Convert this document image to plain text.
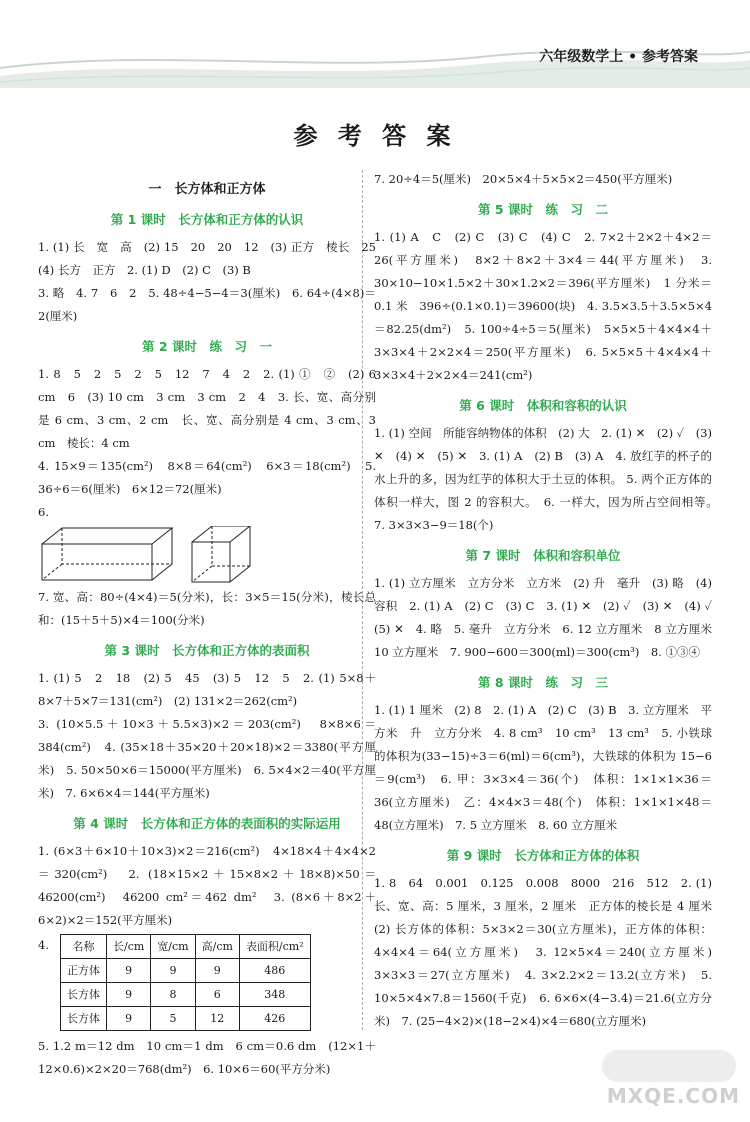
六年级数学上 • 参考答案
参 考 答 案
一　长方体和正方体
第 1 课时　长方体和正方体的认识

1. (1) 长　宽　高　(2) 15　20　20　12　(3) 正方　棱长　25　(4) 长方　正方　2. (1) D　(2) C　(3) B

3. 略　4. 7　6　2　5. 48÷4−5−4＝3(厘米)　6. 64÷(4×8)＝2(厘米)

第 2 课时　练　习　一

1. 8　5　2　5　2　5　12　7　4　2　2. (1) ①　②　(2) 6 cm　6　(3) 10 cm　3 cm　3 cm　2　4　3. 长、宽、高分别是 6 cm、3 cm、2 cm　长、宽、高分别是 4 cm、3 cm、3 cm　棱长：4 cm

4. 15×9＝135(cm²)　8×8＝64(cm²)　6×3＝18(cm²)　5. 36÷6＝6(厘米)　6×12＝72(厘米)

6.

7. 宽、高：80÷(4×4)＝5(分米)，长：3×5＝15(分米)，棱长总和：(15＋5＋5)×4＝100(分米)

第 3 课时　长方体和正方体的表面积

1. (1) 5　2　18　(2) 5　45　(3) 5　12　5　2. (1) 5×8＋8×7＋5×7＝131(cm²)　(2) 131×2＝262(cm²)

3. (10×5.5＋10×3＋5.5×3)×2＝203(cm²)　8×8×6＝384(cm²)　4. (35×18＋35×20＋20×18)×2＝3380(平方厘米)　5. 50×50×6＝15000(平方厘米)　6. 5×4×2＝40(平方厘米)　7. 6×6×4＝144(平方厘米)

第 4 课时　长方体和正方体的表面积的实际运用

1. (6×3＋6×10＋10×3)×2＝216(cm²)　4×18×4＋4×4×2＝320(cm²)　2. (18×15×2＋15×8×2＋18×8)×50＝46200(cm²)　46200 cm²＝462 dm²　3. (8×6＋8×2＋6×2)×2＝152(平方厘米)

4. 名称	长/cm	宽/cm	高/cm	表面积/cm²
正方体	9	9	9	486
长方体	9	8	6	348
长方体	9	5	12	426

5. 1.2 m＝12 dm　10 cm＝1 dm　6 cm＝0.6 dm　(12×1＋12×0.6)×2×20＝768(dm²)　6. 10×6＝60(平方分米)

7. 20÷4＝5(厘米)　20×5×4＋5×5×2＝450(平方厘米)

第 5 课时　练　习　二

1. (1) A　C　(2) C　(3) C　(4) C　2. 7×2＋2×2＋4×2＝26(平方厘米)　8×2＋8×2＋3×4＝44(平方厘米)　3. 30×10−10×1.5×2＋30×1.2×2＝396(平方厘米)　1 分米＝0.1 米　396÷(0.1×0.1)＝39600(块)　4. 3.5×3.5＋3.5×5×4＝82.25(dm²)　5. 100÷4÷5＝5(厘米)　5×5×5＋4×4×4＋3×3×4＋2×2×4＝250(平方厘米)　6. 5×5×5＋4×4×4＋3×3×4＋2×2×4＝241(cm²)

第 6 课时　体积和容积的认识

1. (1) 空间　所能容纳物体的体积　(2) 大　2. (1) ✕　(2) ✓　(3) ✕　(4) ✕　(5) ✕　3. (1) A　(2) B　(3) A　4. 放红芋的杯子的水上升的多，因为红芋的体积大于土豆的体积。 5. 两个正方体的体积一样大，图 2 的容积大。　6. 一样大，因为所占空间相等。　7. 3×3×3−9＝18(个)

第 7 课时　体积和容积单位

1. (1) 立方厘米　立方分米　立方米　(2) 升　毫升　(3) 略　(4) 容积　2. (1) A　(2) C　(3) C　3. (1) ✕　(2) ✓　(3) ✕　(4) ✓　(5) ✕　4. 略　5. 毫升　立方分米　6. 12 立方厘米　8 立方厘米　10 立方厘米　7. 900−600＝300(ml)＝300(cm³)　8. ①③④

第 8 课时　练　习　三

1. (1) 1 厘米　(2) 8　2. (1) A　(2) C　(3) B　3. 立方厘米　平方米　升　立方分米　4. 8 cm³　10 cm³　13 cm³　5. 小铁球的体积为(33−15)÷3＝6(ml)＝6(cm³)，大铁球的体积为 15−6＝9(cm³)　6. 甲：3×3×4＝36(个)　体积：1×1×1×36＝36(立方厘米)　乙：4×4×3＝48(个)　体积：1×1×1×48＝48(立方厘米)　7. 5 立方厘米　8. 60 立方厘米

第 9 课时　长方体和正方体的体积

1. 8　64　0.001　0.125　0.008　8000　216　512　2. (1) 长、宽、高：5 厘米，3 厘米，2 厘米　正方体的棱长是 4 厘米　(2) 长方体的体积：5×3×2＝30(立方厘米)，正方体的体积：4×4×4＝64(立方厘米)　3. 12×5×4＝240(立方厘米)　3×3×3＝27(立方厘米)　4. 3×2.2×2＝13.2(立方米)　5. 10×5×4×7.8＝1560(千克)　6. 6×6×(4−3.4)＝21.6(立方分米)　7. (25−4×2)×(18−2×4)×4＝680(立方厘米)

MXQE.COM
